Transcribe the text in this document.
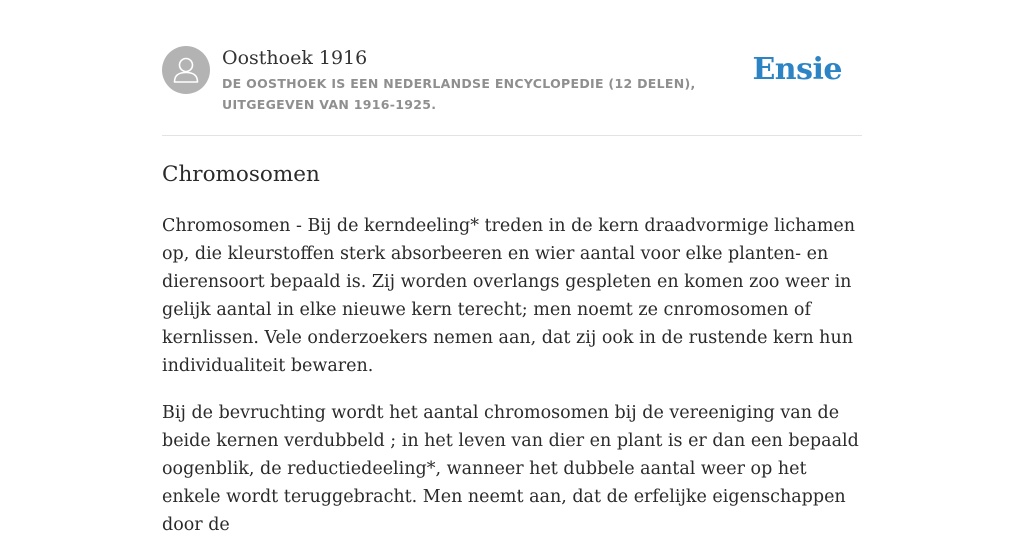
Oosthoek 1916
DE OOSTHOEK IS EEN NEDERLANDSE ENCYCLOPEDIE (12 DELEN), UITGEGEVEN VAN 1916-1925.
Ensie
Chromosomen

Chromosomen - Bij de kerndeeling* treden in de kern draadvormige lichamen op, die kleurstoffen sterk absorbeeren en wier aantal voor elke planten- en dierensoort bepaald is. Zij worden overlangs gespleten en komen zoo weer in gelijk aantal in elke nieuwe kern terecht; men noemt ze cnromosomen of kernlissen. Vele onderzoekers nemen aan, dat zij ook in de rustende kern hun individualiteit bewaren.

Bij de bevruchting wordt het aantal chromosomen bij de vereeniging van de beide kernen verdubbeld ; in het leven van dier en plant is er dan een bepaald oogenblik, de reductiedeeling*, wanneer het dubbele aantal weer op het enkele wordt teruggebracht. Men neemt aan, dat de erfelijke eigenschappen door de
